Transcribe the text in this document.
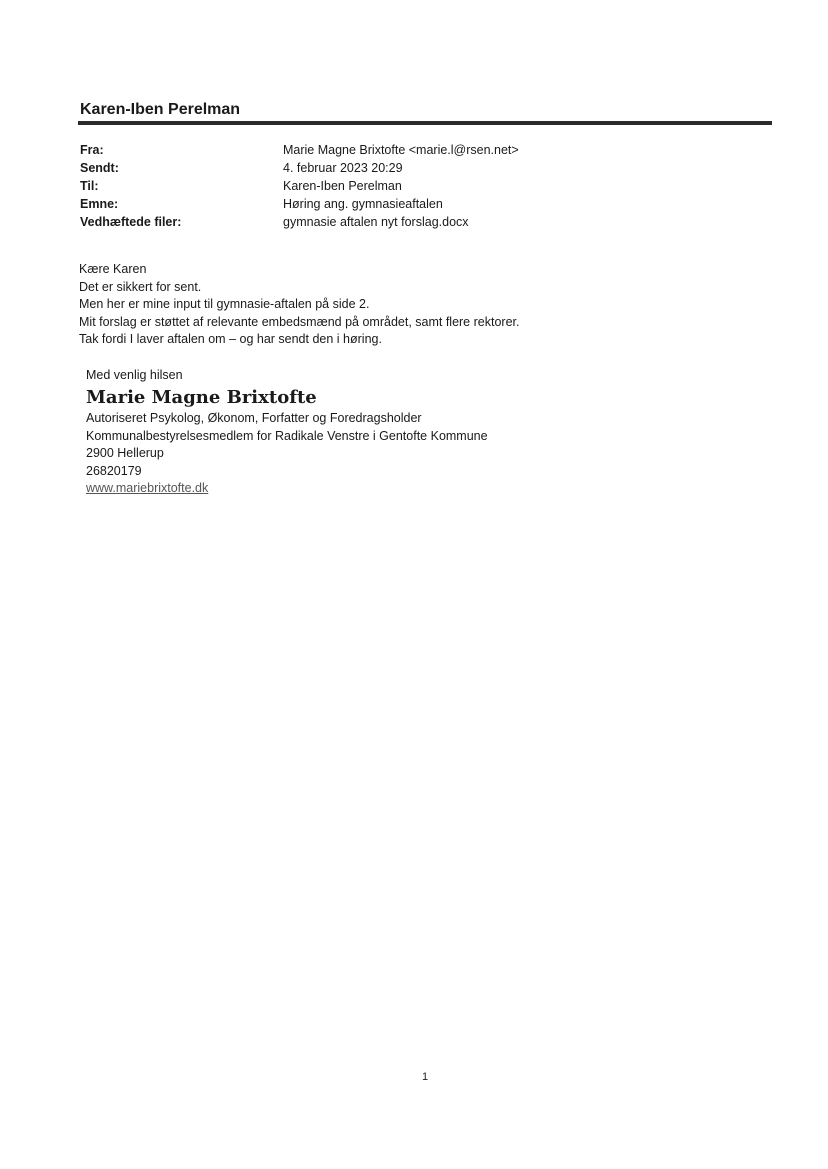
Karen-Iben Perelman
Fra:	Marie Magne Brixtofte <marie.l@rsen.net>
Sendt:	4. februar 2023 20:29
Til:	Karen-Iben Perelman
Emne:	Høring ang. gymnasieaftalen
Vedhæftede filer:	gymnasie aftalen nyt forslag.docx
Kære Karen
Det er sikkert for sent.
Men her er mine input til gymnasie-aftalen på side 2.
Mit forslag er støttet af relevante embedsmænd på området, samt flere rektorer.
Tak fordi I laver aftalen om – og har sendt den i høring.
Med venlig hilsen
Marie Magne Brixtofte
Autoriseret Psykolog, Økonom, Forfatter og Foredragsholder
Kommunalbestyrelsesmedlem for Radikale Venstre i Gentofte Kommune
2900 Hellerup
26820179
www.mariebrixtofte.dk
1
